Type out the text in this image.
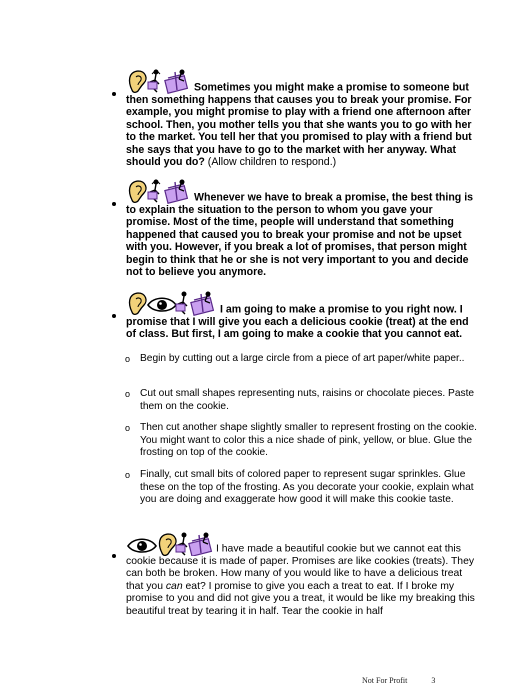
Sometimes you might make a promise to someone but then something happens that causes you to break your promise. For example, you might promise to play with a friend one afternoon after school. Then, you mother tells you that she wants you to go with her to the market. You tell her that you promised to play with a friend but she says that you have to go to the market with her anyway. What should you do? (Allow children to respond.)

Whenever we have to break a promise, the best thing is to explain the situation to the person to whom you gave your promise. Most of the time, people will understand that something happened that caused you to break your promise and not be upset with you. However, if you break a lot of promises, that person might begin to think that he or she is not very important to you and decide not to believe you anymore.

I am going to make a promise to you right now. I promise that I will give you each a delicious cookie (treat) at the end of class. But first, I am going to make a cookie that you cannot eat.

o Begin by cutting out a large circle from a piece of art paper/white paper..
o Cut out small shapes representing nuts, raisins or chocolate pieces. Paste them on the cookie.
o Then cut another shape slightly smaller to represent frosting on the cookie. You might want to color this a nice shade of pink, yellow, or blue. Glue the frosting on top of the cookie.
o Finally, cut small bits of colored paper to represent sugar sprinkles. Glue these on the top of the frosting. As you decorate your cookie, explain what you are doing and exaggerate how good it will make this cookie taste.

I have made a beautiful cookie but we cannot eat this cookie because it is made of paper. Promises are like cookies (treats). They can both be broken. How many of you would like to have a delicious treat that you can eat? I promise to give you each a treat to eat. If I broke my promise to you and did not give you a treat, it would be like my breaking this beautiful treat by tearing it in half. Tear the cookie in half

Not For Profit	3
